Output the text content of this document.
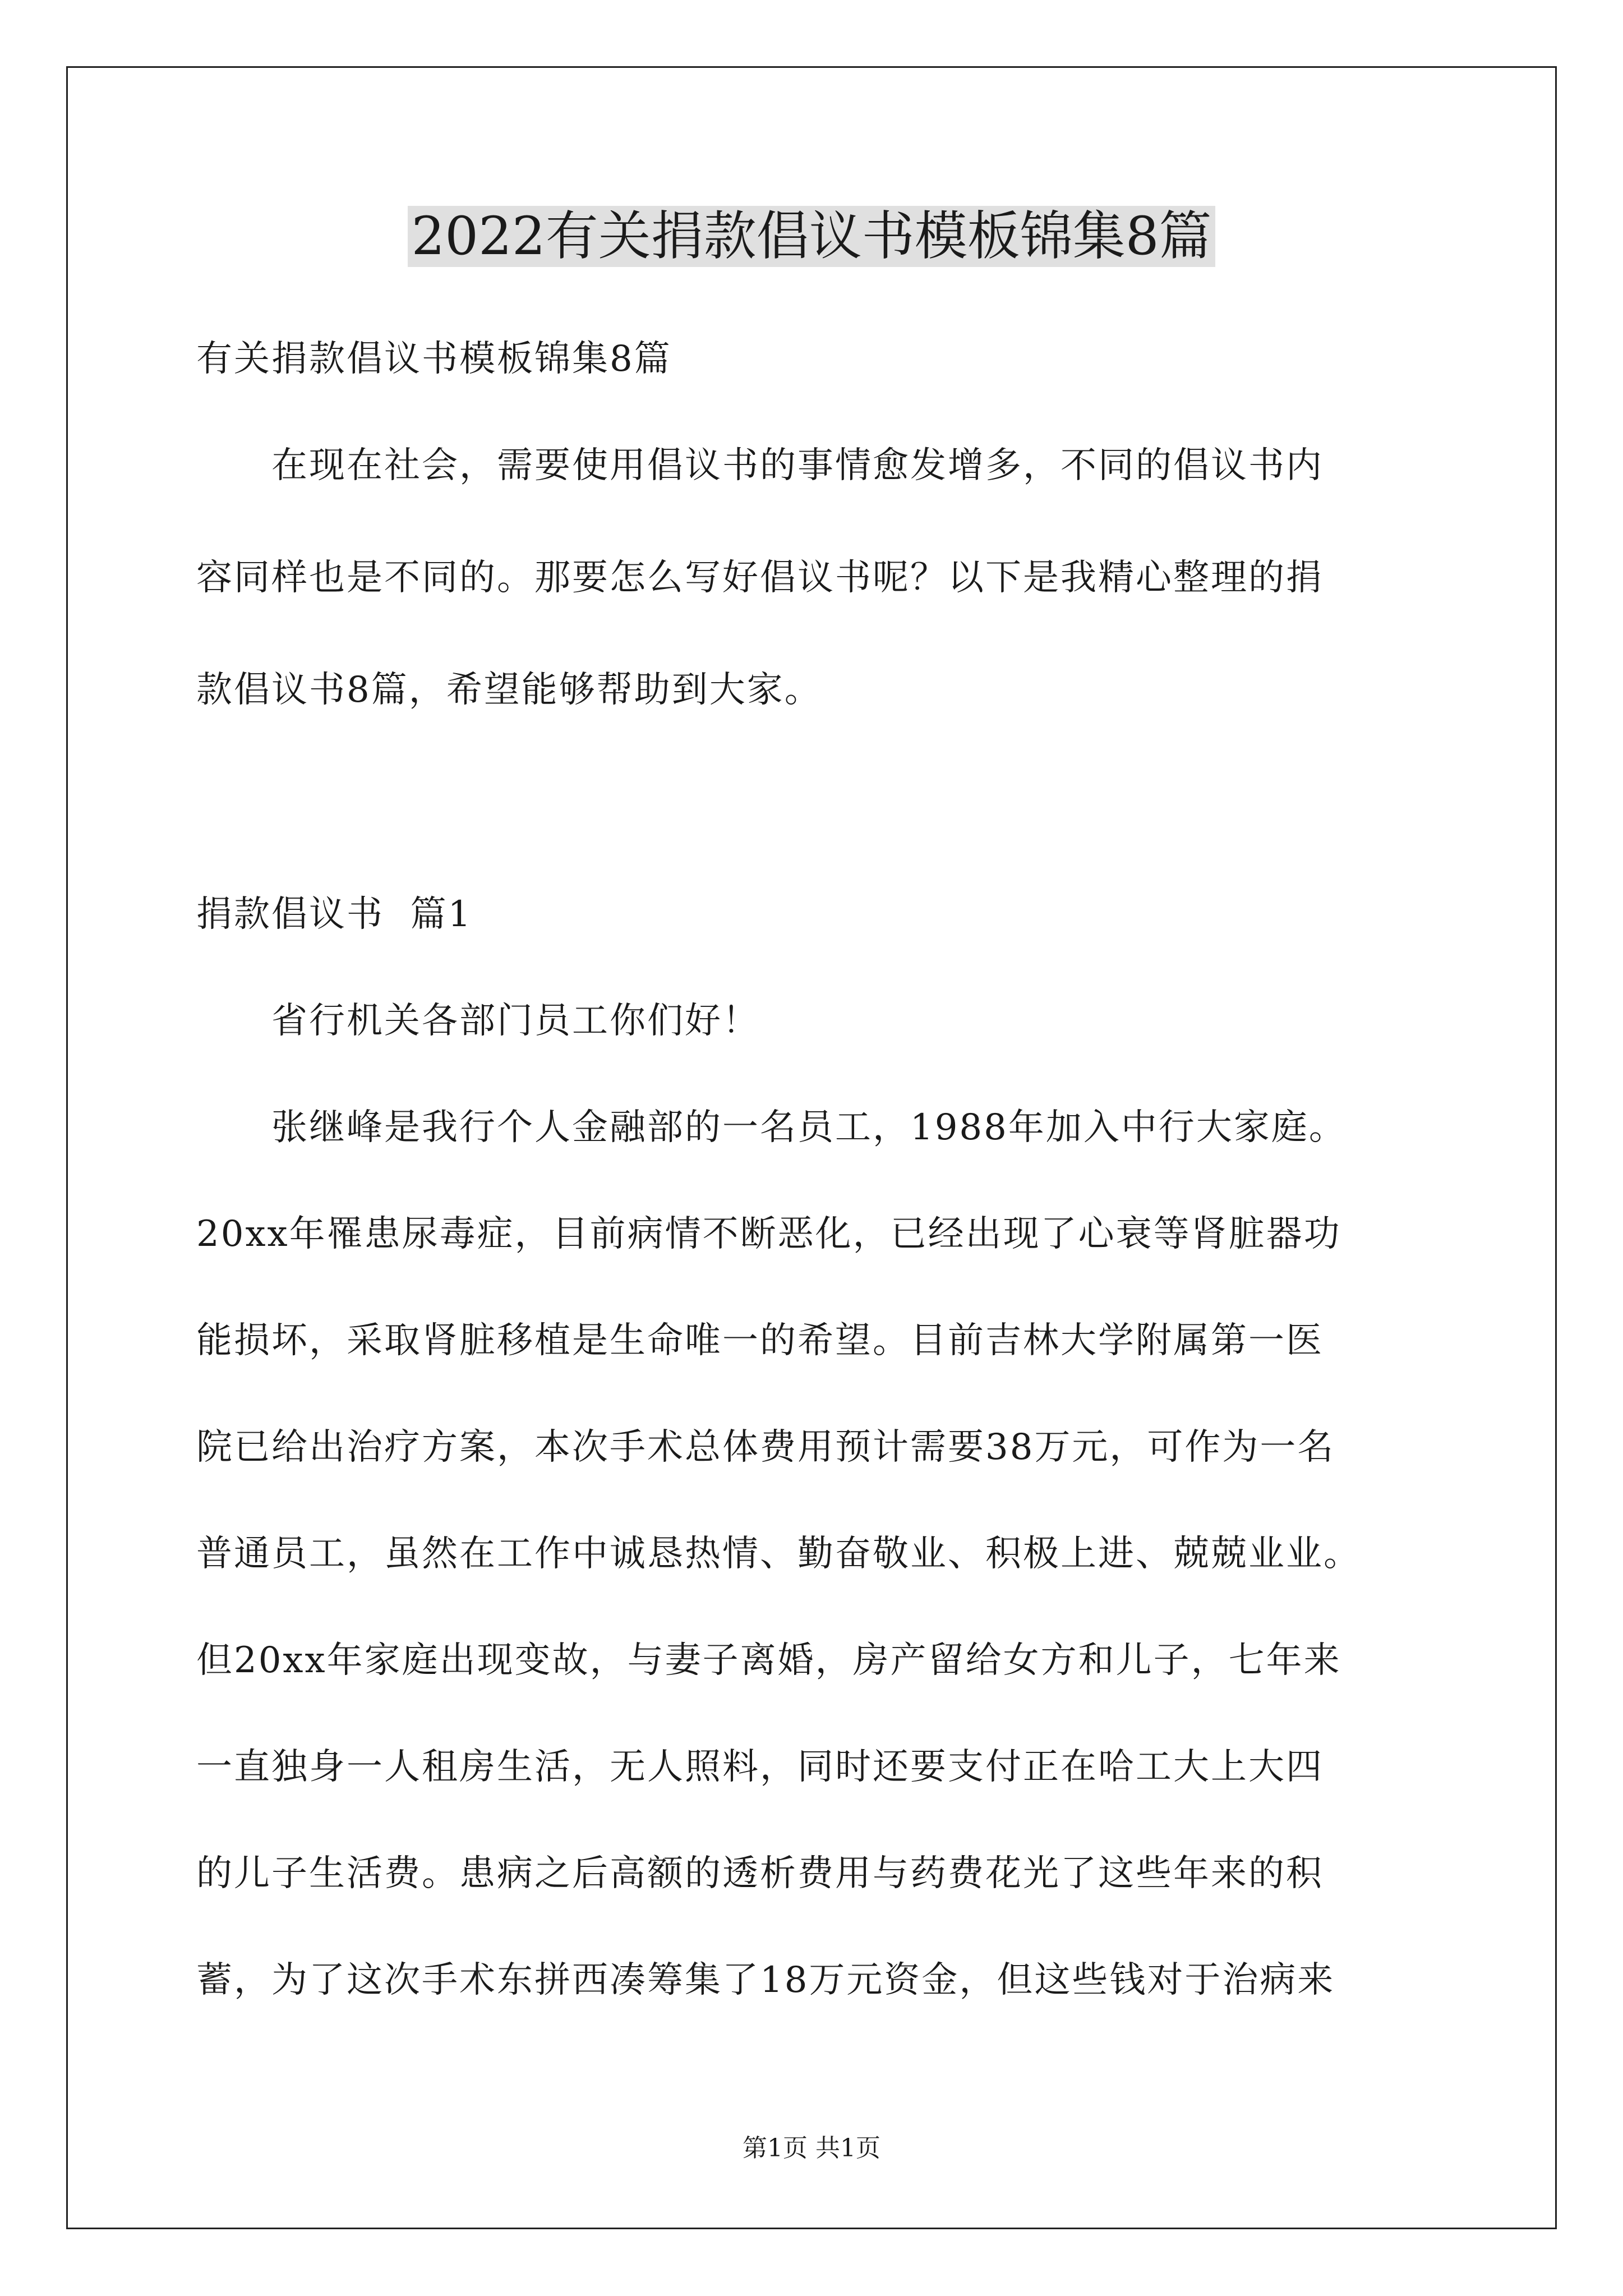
2022有关捐款倡议书模板锦集8篇

有关捐款倡议书模板锦集8篇

　　在现在社会，需要使用倡议书的事情愈发增多，不同的倡议书内

容同样也是不同的。那要怎么写好倡议书呢？以下是我精心整理的捐

款倡议书8篇，希望能够帮助到大家。

捐款倡议书  篇1

　　省行机关各部门员工你们好！

　　张继峰是我行个人金融部的一名员工，1988年加入中行大家庭。

20xx年罹患尿毒症，目前病情不断恶化，已经出现了心衰等肾脏器功

能损坏，采取肾脏移植是生命唯一的希望。目前吉林大学附属第一医

院已给出治疗方案，本次手术总体费用预计需要38万元，可作为一名

普通员工，虽然在工作中诚恳热情、勤奋敬业、积极上进、兢兢业业。

但20xx年家庭出现变故，与妻子离婚，房产留给女方和儿子，七年来

一直独身一人租房生活，无人照料，同时还要支付正在哈工大上大四

的儿子生活费。患病之后高额的透析费用与药费花光了这些年来的积

蓄，为了这次手术东拼西凑筹集了18万元资金，但这些钱对于治病来

第1页 共1页
